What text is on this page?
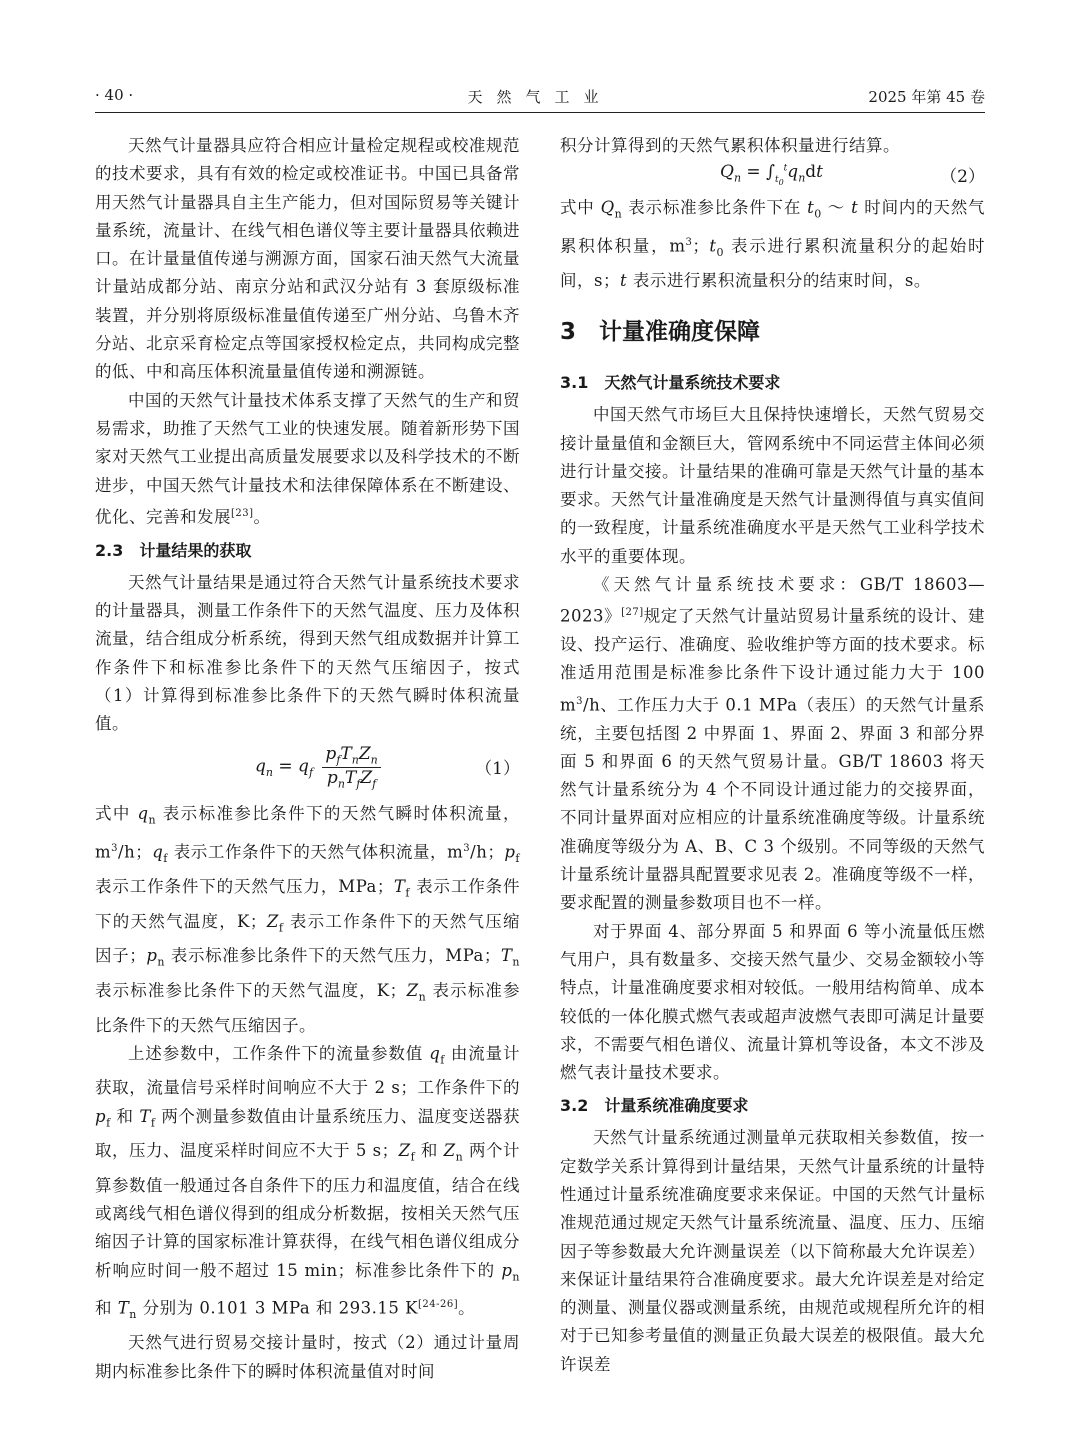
· 40 ·	天然气工业	2025 年第 45 卷

天然气计量器具应符合相应计量检定规程或校准规范的技术要求，具有有效的检定或校准证书。中国已具备常用天然气计量器具自主生产能力，但对国际贸易等关键计量系统，流量计、在线气相色谱仪等主要计量器具依赖进口。在计量量值传递与溯源方面，国家石油天然气大流量计量站成都分站、南京分站和武汉分站有 3 套原级标准装置，并分别将原级标准量值传递至广州分站、乌鲁木齐分站、北京采育检定点等国家授权检定点，共同构成完整的低、中和高压体积流量量值传递和溯源链。

中国的天然气计量技术体系支撑了天然气的生产和贸易需求，助推了天然气工业的快速发展。随着新形势下国家对天然气工业提出高质量发展要求以及科学技术的不断进步，中国天然气计量技术和法律保障体系在不断建设、优化、完善和发展[23]。

2.3　计量结果的获取

天然气计量结果是通过符合天然气计量系统技术要求的计量器具，测量工作条件下的天然气温度、压力及体积流量，结合组成分析系统，得到天然气组成数据并计算工作条件下和标准参比条件下的天然气压缩因子，按式（1）计算得到标准参比条件下的天然气瞬时体积流量值。

$q_n = q_f \frac{p_fT_nZ_n}{p_nT_fZ_f}$	（1）

式中 $q_n$ 表示标准参比条件下的天然气瞬时体积流量，$m^3/h$；$q_f$ 表示工作条件下的天然气体积流量，$m^3/h$；$p_f$ 表示工作条件下的天然气压力，MPa；$T_f$ 表示工作条件下的天然气温度，K；$Z_f$ 表示工作条件下的天然气压缩因子；$p_n$ 表示标准参比条件下的天然气压力，MPa；$T_n$ 表示标准参比条件下的天然气温度，K；$Z_n$ 表示标准参比条件下的天然气压缩因子。

上述参数中，工作条件下的流量参数值 $q_f$ 由流量计获取，流量信号采样时间响应不大于 2 s；工作条件下的 $p_f$ 和 $T_f$ 两个测量参数值由计量系统压力、温度变送器获取，压力、温度采样时间应不大于 5 s；$Z_f$ 和 $Z_n$ 两个计算参数值一般通过各自条件下的压力和温度值，结合在线或离线气相色谱仪得到的组成分析数据，按相关天然气压缩因子计算的国家标准计算获得，在线气相色谱仪组成分析响应时间一般不超过 15 min；标准参比条件下的 $p_n$ 和 $T_n$ 分别为 0.101 3 MPa 和 293.15 K[24-26]。

天然气进行贸易交接计量时，按式（2）通过计量周期内标准参比条件下的瞬时体积流量值对时间

积分计算得到的天然气累积体积量进行结算。

$Q_n = \int_{t_0}^tq_ndt$	（2）

式中 $Q_n$ 表示标准参比条件下在 $t_0$ ～ t 时间内的天然气累积体积量，$m^3$；$t_0$ 表示进行累积流量积分的起始时间，s；t 表示进行累积流量积分的结束时间，s。

3　计量准确度保障
3.1　天然气计量系统技术要求

中国天然气市场巨大且保持快速增长，天然气贸易交接计量量值和金额巨大，管网系统中不同运营主体间必须进行计量交接。计量结果的准确可靠是天然气计量的基本要求。天然气计量准确度是天然气计量测得值与真实值间的一致程度，计量系统准确度水平是天然气工业科学技术水平的重要体现。

《天然气计量系统技术要求：GB/T 18603—2023》[27]规定了天然气计量站贸易计量系统的设计、建设、投产运行、准确度、验收维护等方面的技术要求。标准适用范围是标准参比条件下设计通过能力大于 100 $m^3/h$、工作压力大于 0.1 MPa（表压）的天然气计量系统，主要包括图 2 中界面 1、界面 2、界面 3 和部分界面 5 和界面 6 的天然气贸易计量。GB/T 18603 将天然气计量系统分为 4 个不同设计通过能力的交接界面，不同计量界面对应相应的计量系统准确度等级。计量系统准确度等级分为 A、B、C 3 个级别。不同等级的天然气计量系统计量器具配置要求见表 2。准确度等级不一样，要求配置的测量参数项目也不一样。

对于界面 4、部分界面 5 和界面 6 等小流量低压燃气用户，具有数量多、交接天然气量少、交易金额较小等特点，计量准确度要求相对较低。一般用结构简单、成本较低的一体化膜式燃气表或超声波燃气表即可满足计量要求，不需要气相色谱仪、流量计算机等设备，本文不涉及燃气表计量技术要求。

3.2　计量系统准确度要求

天然气计量系统通过测量单元获取相关参数值，按一定数学关系计算得到计量结果，天然气计量系统的计量特性通过计量系统准确度要求来保证。中国的天然气计量标准规范通过规定天然气计量系统流量、温度、压力、压缩因子等参数最大允许测量误差（以下简称最大允许误差）来保证计量结果符合准确度要求。最大允许误差是对给定的测量、测量仪器或测量系统，由规范或规程所允许的相对于已知参考量值的测量正负最大误差的极限值。最大允许误差
